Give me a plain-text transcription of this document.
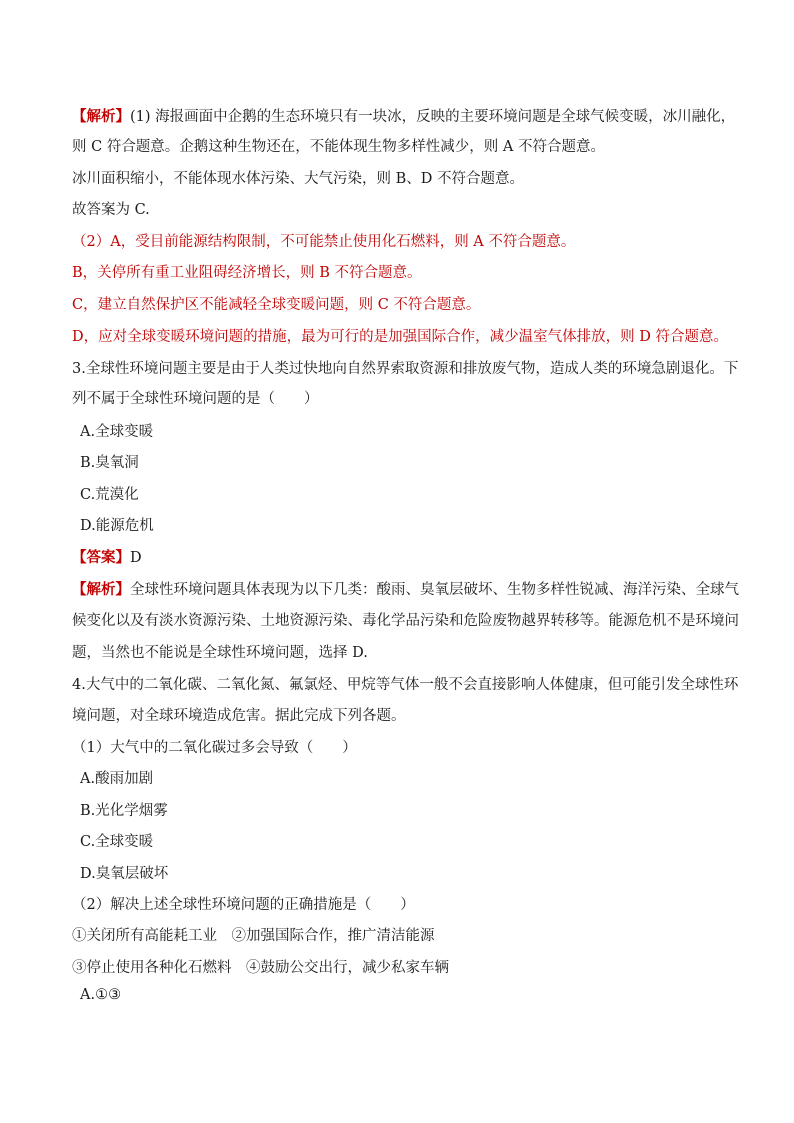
【解析】(1) 海报画面中企鹅的生态环境只有一块冰，反映的主要环境问题是全球气候变暖，冰川融化，
则 C 符合题意。企鹅这种生物还在，不能体现生物多样性减少，则 A 不符合题意。
冰川面积缩小，不能体现水体污染、大气污染，则 B、D 不符合题意。
故答案为 C.
（2）A，受目前能源结构限制，不可能禁止使用化石燃料，则 A 不符合题意。
B，关停所有重工业阻碍经济增长，则 B 不符合题意。
C，建立自然保护区不能减轻全球变暖问题，则 C 不符合题意。
D，应对全球变暖环境问题的措施，最为可行的是加强国际合作，减少温室气体排放，则 D 符合题意。
3.全球性环境问题主要是由于人类过快地向自然界索取资源和排放废气物，造成人类的环境急剧退化。下
列不属于全球性环境问题的是（　　）
A.全球变暖
B.臭氧洞
C.荒漠化
D.能源危机
【答案】D
【解析】全球性环境问题具体表现为以下几类：酸雨、臭氧层破坏、生物多样性锐减、海洋污染、全球气
候变化以及有淡水资源污染、土地资源污染、毒化学品污染和危险废物越界转移等。能源危机不是环境问
题，当然也不能说是全球性环境问题，选择 D.
4.大气中的二氧化碳、二氧化氮、氟氯烃、甲烷等气体一般不会直接影响人体健康，但可能引发全球性环
境问题，对全球环境造成危害。据此完成下列各题。
（1）大气中的二氧化碳过多会导致（　　）
A.酸雨加剧
B.光化学烟雾
C.全球变暖
D.臭氧层破坏
（2）解决上述全球性环境问题的正确措施是（　　）
①关闭所有高能耗工业　②加强国际合作，推广清洁能源
③停止使用各种化石燃料　④鼓励公交出行，减少私家车辆
A.①③
